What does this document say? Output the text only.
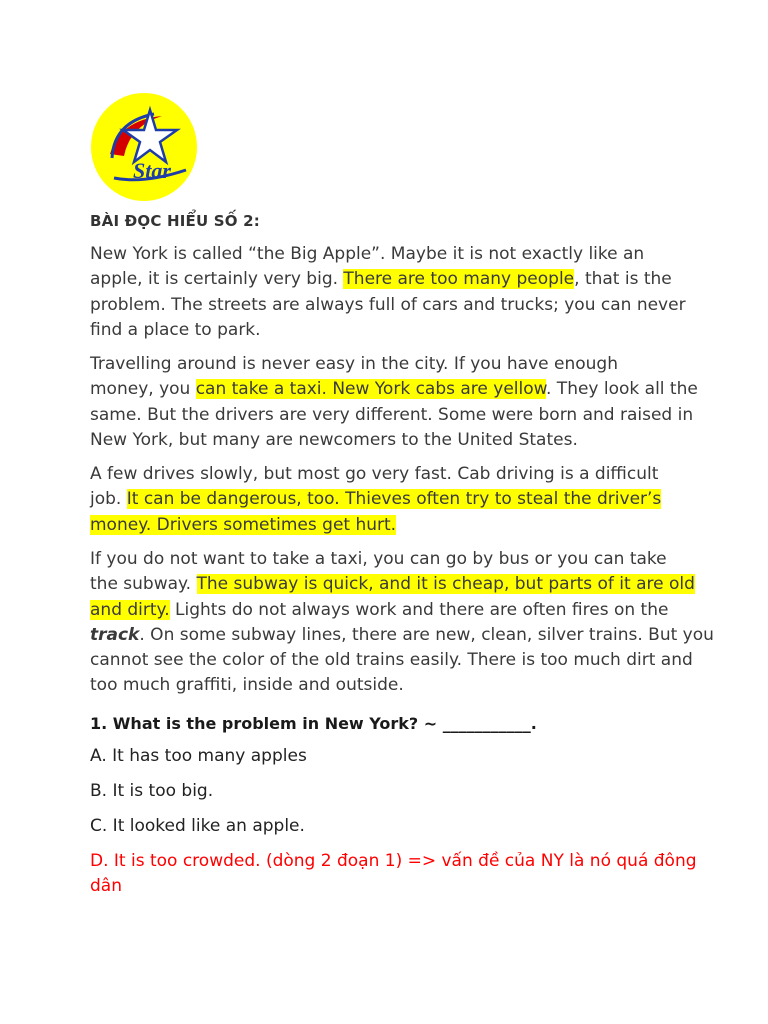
Star
BÀI ĐỌC HIỂU SỐ 2:
New York is called “the Big Apple”. Maybe it is not exactly like an
apple, it is certainly very big. There are too many people, that is the
problem. The streets are always full of cars and trucks; you can never
find a place to park.
Travelling around is never easy in the city. If you have enough
money, you can take a taxi. New York cabs are yellow. They look all the
same. But the drivers are very different. Some were born and raised in
New York, but many are newcomers to the United States.
A few drives slowly, but most go very fast. Cab driving is a difficult
job. It can be dangerous, too. Thieves often try to steal the driver’s
money. Drivers sometimes get hurt.
If you do not want to take a taxi, you can go by bus or you can take
the subway. The subway is quick, and it is cheap, but parts of it are old
and dirty. Lights do not always work and there are often fires on the
track. On some subway lines, there are new, clean, silver trains. But you
cannot see the color of the old trains easily. There is too much dirt and
too much graffiti, inside and outside.

1. What is the problem in New York? ~ ___________.

A. It has too many apples

B. It is too big.

C. It looked like an apple.

D. It is too crowded. (dòng 2 đoạn 1) => vấn đề của NY là nó quá đông
dân
